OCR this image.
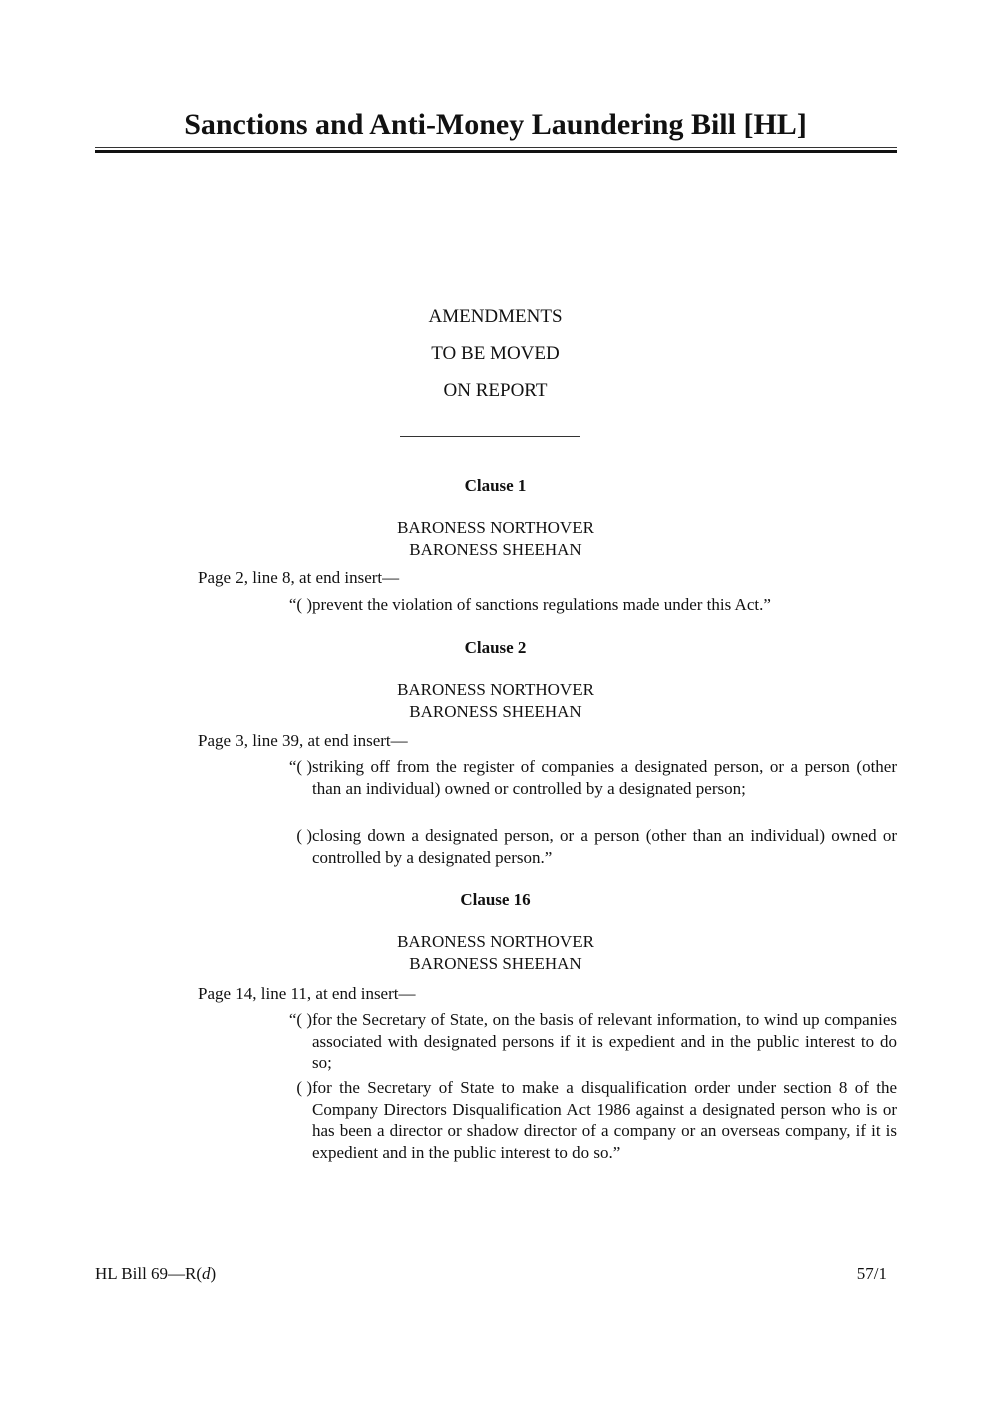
Sanctions and Anti-Money Laundering Bill [HL]
AMENDMENTS
TO BE MOVED
ON REPORT
Clause 1
BARONESS NORTHOVER
BARONESS SHEEHAN
Page 2, line 8, at end insert—
“( ) prevent the violation of sanctions regulations made under this Act.”
Clause 2
BARONESS NORTHOVER
BARONESS SHEEHAN
Page 3, line 39, at end insert—
“( ) striking off from the register of companies a designated person, or a person (other than an individual) owned or controlled by a designated person;
( ) closing down a designated person, or a person (other than an individual) owned or controlled by a designated person.”
Clause 16
BARONESS NORTHOVER
BARONESS SHEEHAN
Page 14, line 11, at end insert—
“( ) for the Secretary of State, on the basis of relevant information, to wind up companies associated with designated persons if it is expedient and in the public interest to do so;
( ) for the Secretary of State to make a disqualification order under section 8 of the Company Directors Disqualification Act 1986 against a designated person who is or has been a director or shadow director of a company or an overseas company, if it is expedient and in the public interest to do so.”
HL Bill 69—R(d)	57/1
